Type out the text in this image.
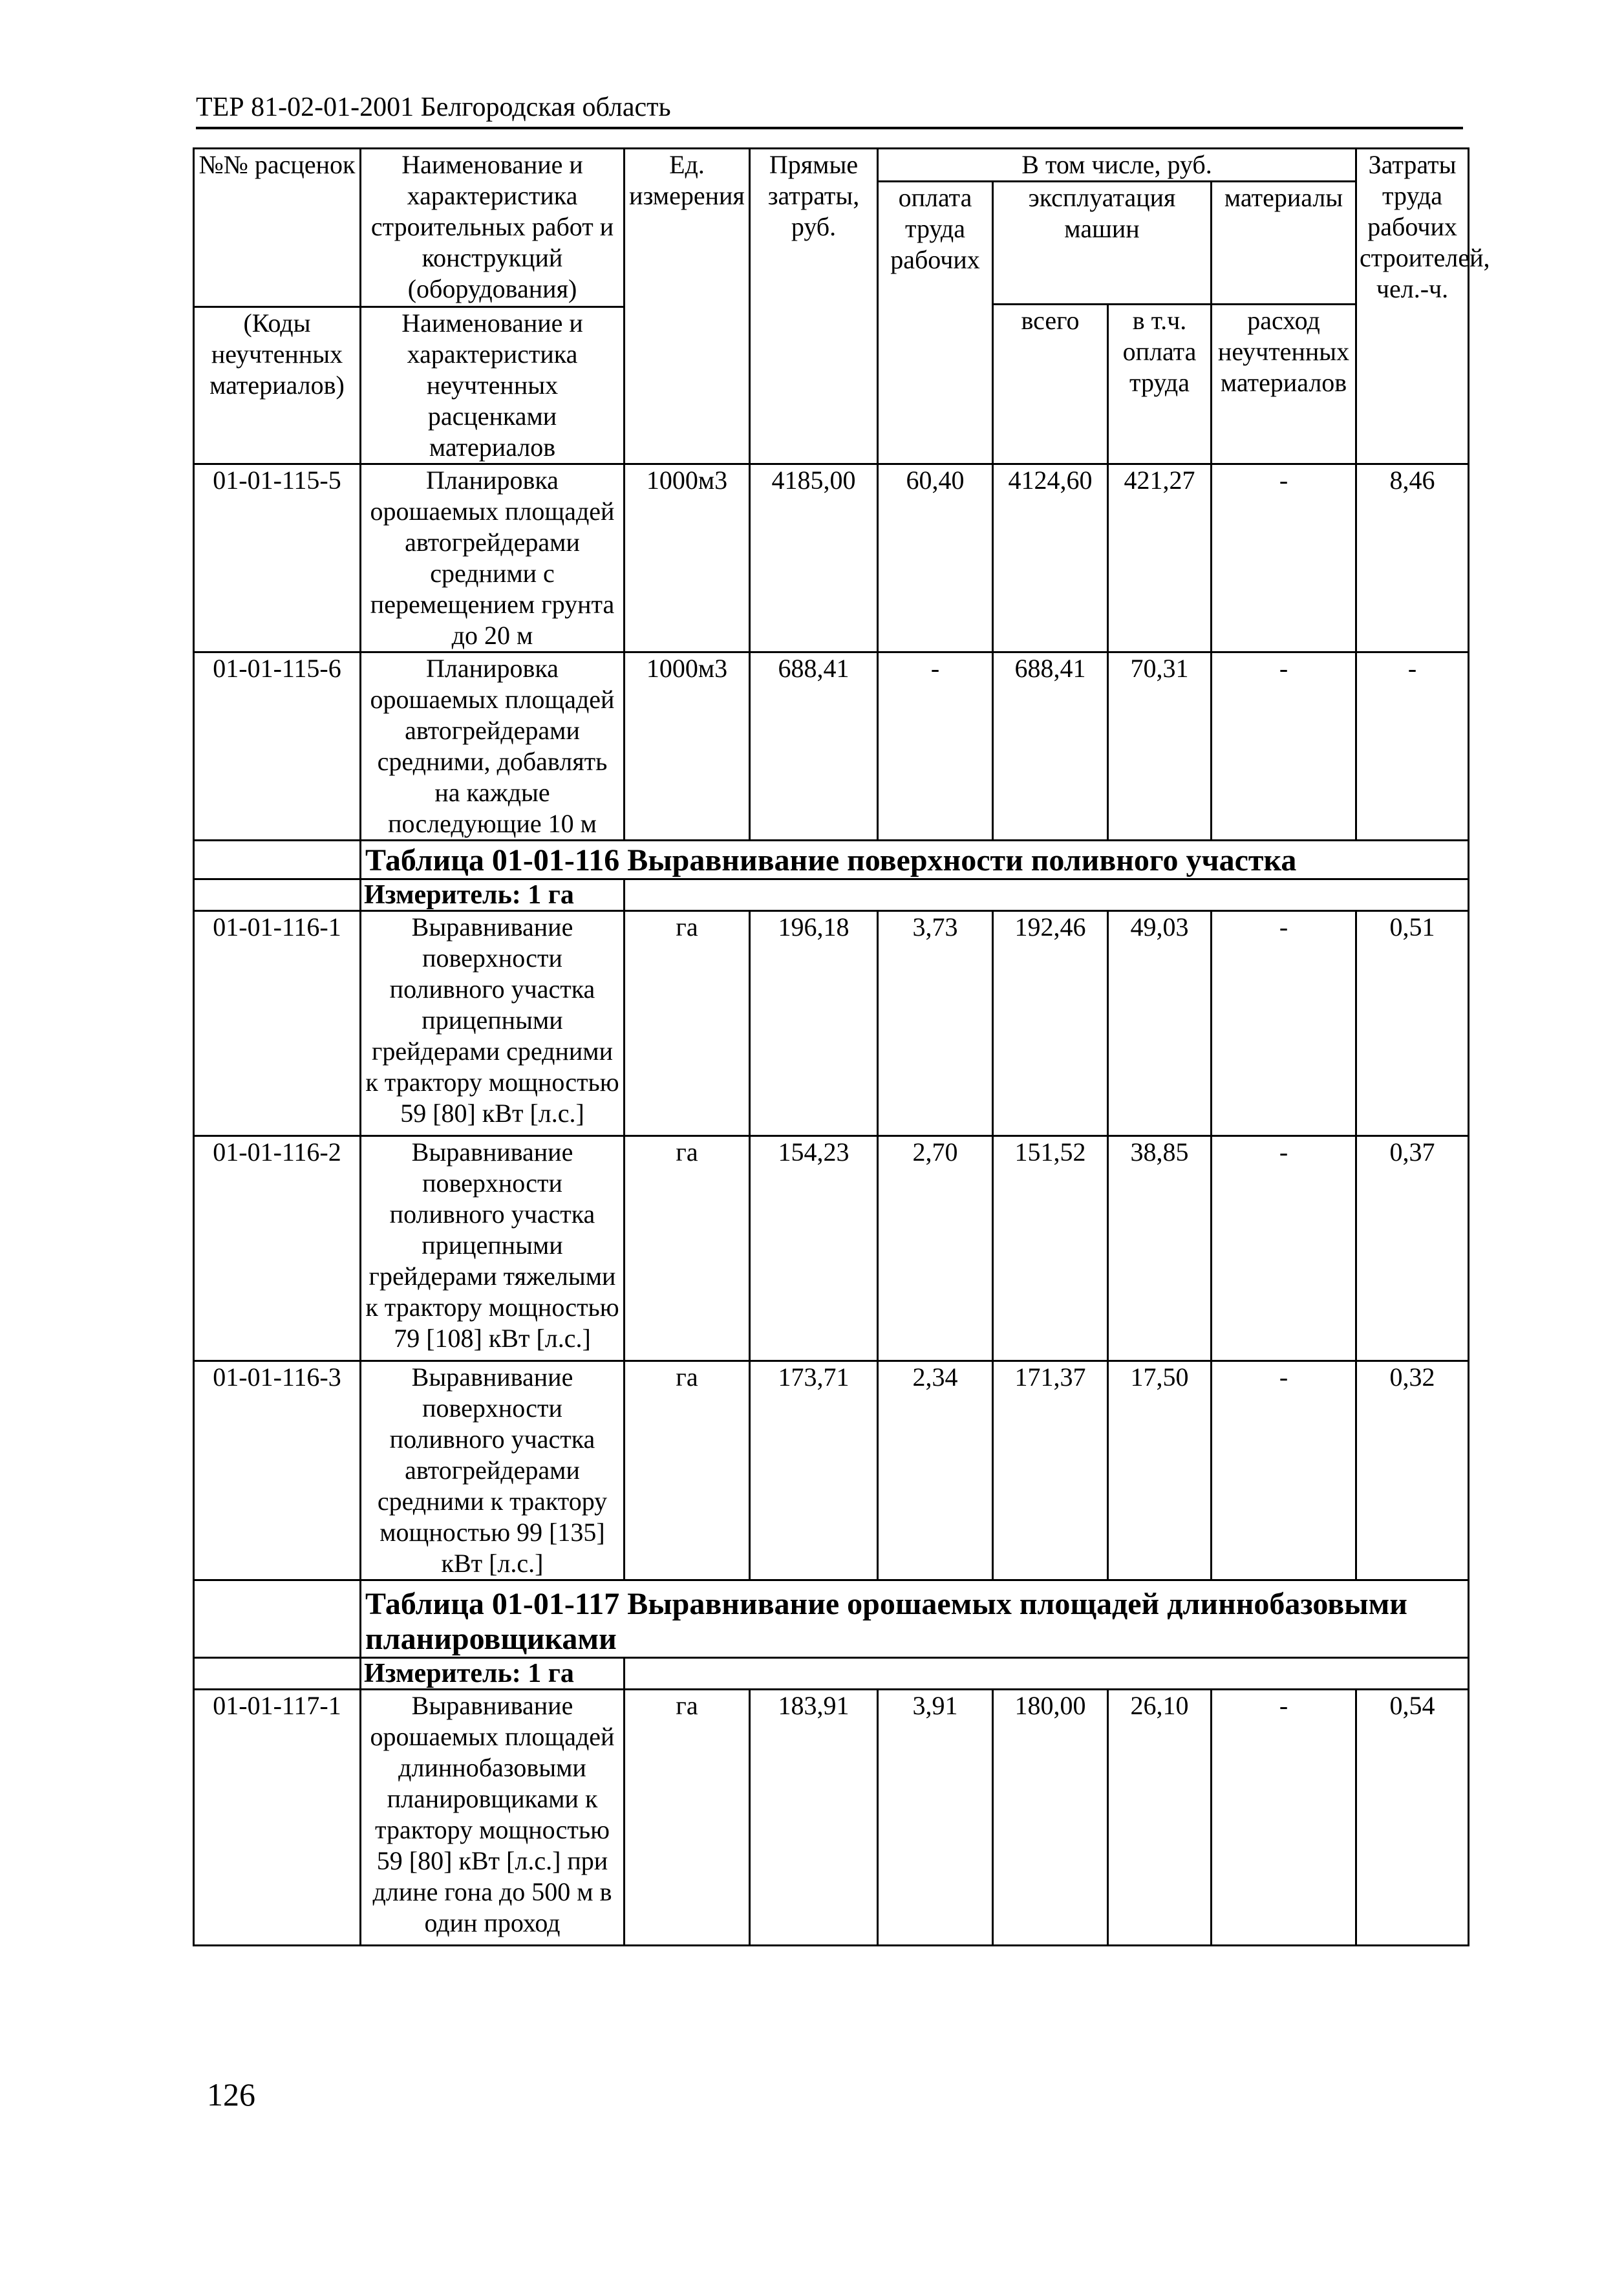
ТЕР 81-02-01-2001 Белгородская область
№№ расценок	Наименование и характеристика строительных работ и конструкций (оборудования)	Ед. измерения	Прямые затраты, руб.	В том числе, руб.				Затраты труда рабочих строителей, чел.-ч.
				оплата труда рабочих	эксплуатация машин		материалы	
					всего	в т.ч. оплата труда	расход неучтенных материалов	
(Коды неучтенных материалов)	Наименование и характеристика неучтенных расценками материалов							
01-01-115-5	Планировка орошаемых площадей автогрейдерами средними с перемещением грунта до 20 м	1000м3	4185,00	60,40	4124,60	421,27	-	8,46
01-01-115-6	Планировка орошаемых площадей автогрейдерами средними, добавлять на каждые последующие 10 м	1000м3	688,41	-	688,41	70,31	-	-
	Таблица 01-01-116 Выравнивание поверхности поливного участка							
	Измеритель: 1 га							
01-01-116-1	Выравнивание поверхности поливного участка прицепными грейдерами средними к трактору мощностью 59 [80] кВт [л.с.]	га	196,18	3,73	192,46	49,03	-	0,51
01-01-116-2	Выравнивание поверхности поливного участка прицепными грейдерами тяжелыми к трактору мощностью 79 [108] кВт [л.с.]	га	154,23	2,70	151,52	38,85	-	0,37
01-01-116-3	Выравнивание поверхности поливного участка автогрейдерами средними к трактору мощностью 99 [135] кВт [л.с.]	га	173,71	2,34	171,37	17,50	-	0,32
	Таблица 01-01-117 Выравнивание орошаемых площадей длиннобазовыми планировщиками							
	Измеритель: 1 га							
01-01-117-1	Выравнивание орошаемых площадей длиннобазовыми планировщиками к трактору мощностью 59 [80] кВт [л.с.] при длине гона до 500 м в один проход	га	183,91	3,91	180,00	26,10	-	0,54
126
